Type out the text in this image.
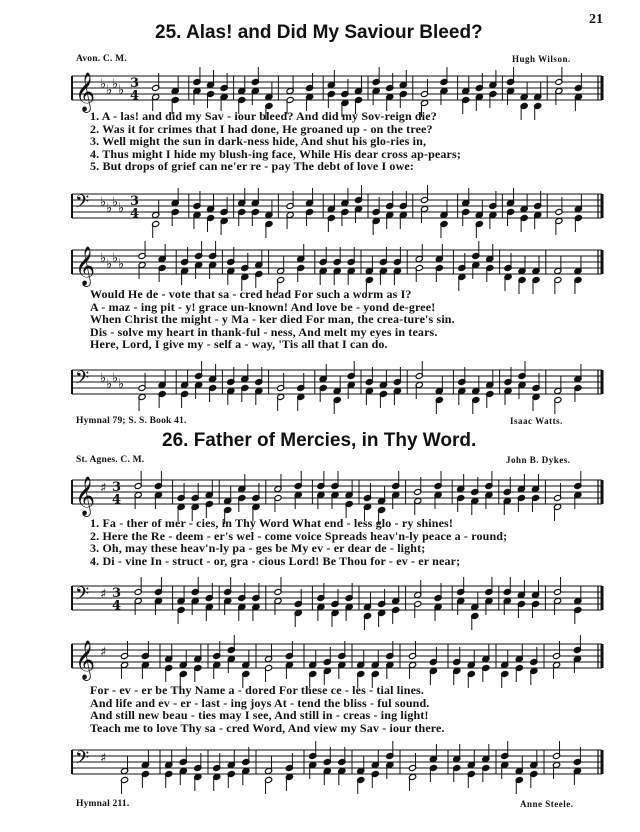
21
25. Alas! and Did My Saviour Bleed?
Avon. C. M.	Hugh Wilson.
𝄞 ♭ ♭ ♭ ♭ 3
4
1. A - las! and did my Sav - iour bleed? And did my Sov-reign die?
2. Was it for crimes that I had done, He groaned up - on the tree?
3. Well might the sun in dark-ness hide, And shut his glo-ries in,
4. Thus might I hide my blush-ing face, While His dear cross ap-pears;
5. But drops of grief can ne'er re - pay The debt of love I owe:
𝄢 ♭ ♭ ♭ ♭ 3
4
𝄞 ♭ ♭ ♭ ♭
Would He de - vote that sa - cred head For such a worm as I?
A - maz - ing pit - y! grace un-known! And love be - yond de-gree!
When Christ the might - y Ma - ker died For man, the crea-ture's sin.
Dis - solve my heart in thank-ful - ness, And melt my eyes in tears.
Here, Lord, I give my - self a - way, 'Tis all that I can do.
𝄢 ♭ ♭ ♭ ♭
Hymnal 79; S. S. Book 41.	Isaac Watts.
26. Father of Mercies, in Thy Word.
St. Agnes. C. M.	John B. Dykes.
𝄞 ♯ 3
4
1. Fa - ther of mer - cies, in Thy Word What end - less glo - ry shines!
2. Here the Re - deem - er's wel - come voice Spreads heav'n-ly peace a - round;
3. Oh, may these heav'n-ly pa - ges be My ev - er dear de - light;
4. Di - vine In - struct - or, gra - cious Lord! Be Thou for - ev - er near;
𝄢 ♯ 3
4
𝄞 ♯
For - ev - er be Thy Name a - dored For these ce - les - tial lines.
And life and ev - er - last - ing joys At - tend the bliss - ful sound.
And still new beau - ties may I see, And still in - creas - ing light!
Teach me to love Thy sa - cred Word, And view my Sav - iour there.
𝄢 ♯
Hymnal 211.	Anne Steele.
